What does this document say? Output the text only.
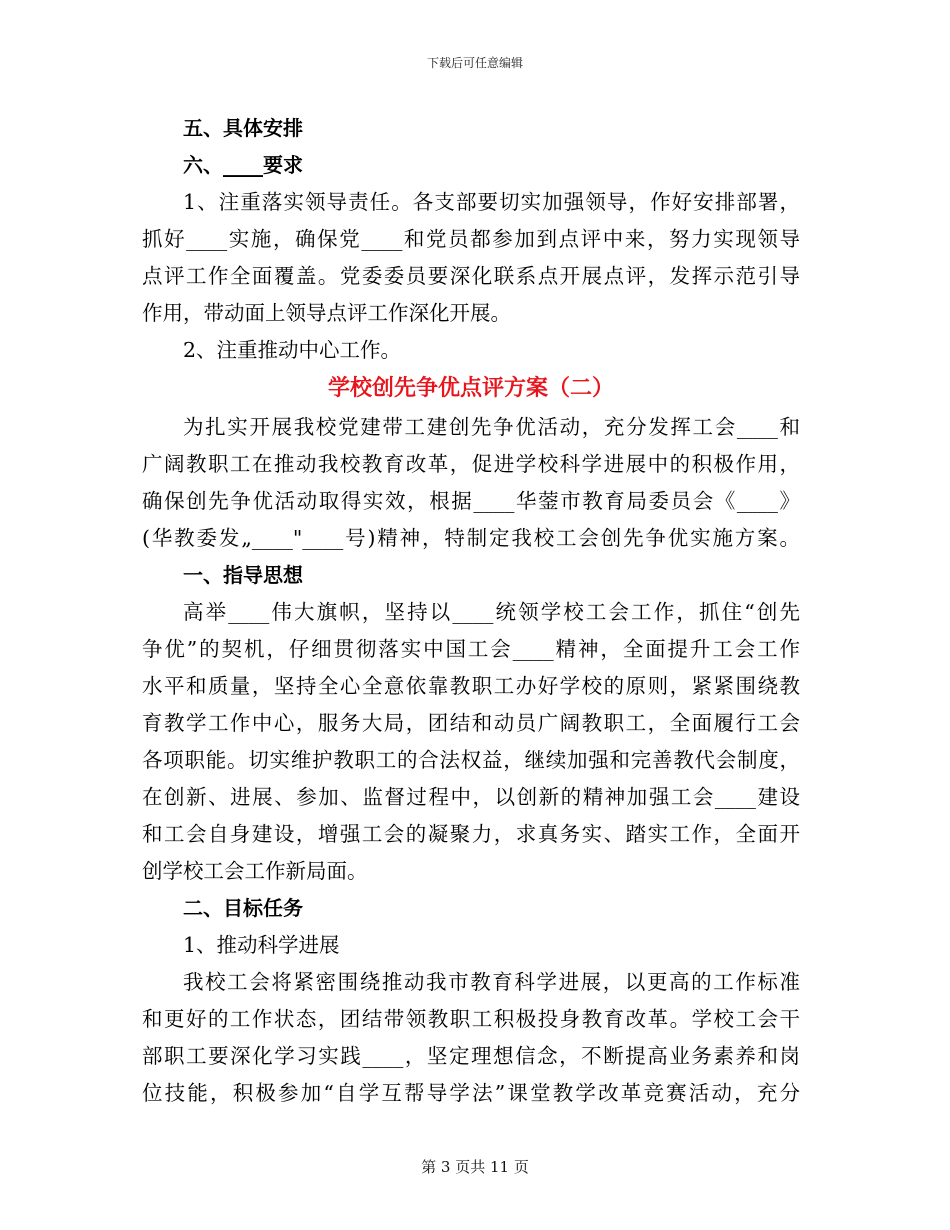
下载后可任意编辑
五、具体安排
六、____要求
1、注重落实领导责任。各支部要切实加强领导，作好安排部署，
抓好____实施，确保党____和党员都参加到点评中来，努力实现领导
点评工作全面覆盖。党委委员要深化联系点开展点评，发挥示范引导
作用，带动面上领导点评工作深化开展。
2、注重推动中心工作。
学校创先争优点评方案（二）
为扎实开展我校党建带工建创先争优活动，充分发挥工会____和
广阔教职工在推动我校教育改革，促进学校科学进展中的积极作用，
确保创先争优活动取得实效，根据____华蓥市教育局委员会《____》
(华教委发„____"____号)精神，特制定我校工会创先争优实施方案。
一、指导思想
高举____伟大旗帜，坚持以____统领学校工会工作，抓住“创先
争优”的契机，仔细贯彻落实中国工会____精神，全面提升工会工作
水平和质量，坚持全心全意依靠教职工办好学校的原则，紧紧围绕教
育教学工作中心，服务大局，团结和动员广阔教职工，全面履行工会
各项职能。切实维护教职工的合法权益，继续加强和完善教代会制度，
在创新、进展、参加、监督过程中，以创新的精神加强工会____建设
和工会自身建设，增强工会的凝聚力，求真务实、踏实工作，全面开
创学校工会工作新局面。
二、目标任务
1、推动科学进展
我校工会将紧密围绕推动我市教育科学进展，以更高的工作标准
和更好的工作状态，团结带领教职工积极投身教育改革。学校工会干
部职工要深化学习实践____，坚定理想信念，不断提高业务素养和岗
位技能，积极参加“自学互帮导学法”课堂教学改革竞赛活动，充分
第 3 页共 11 页
